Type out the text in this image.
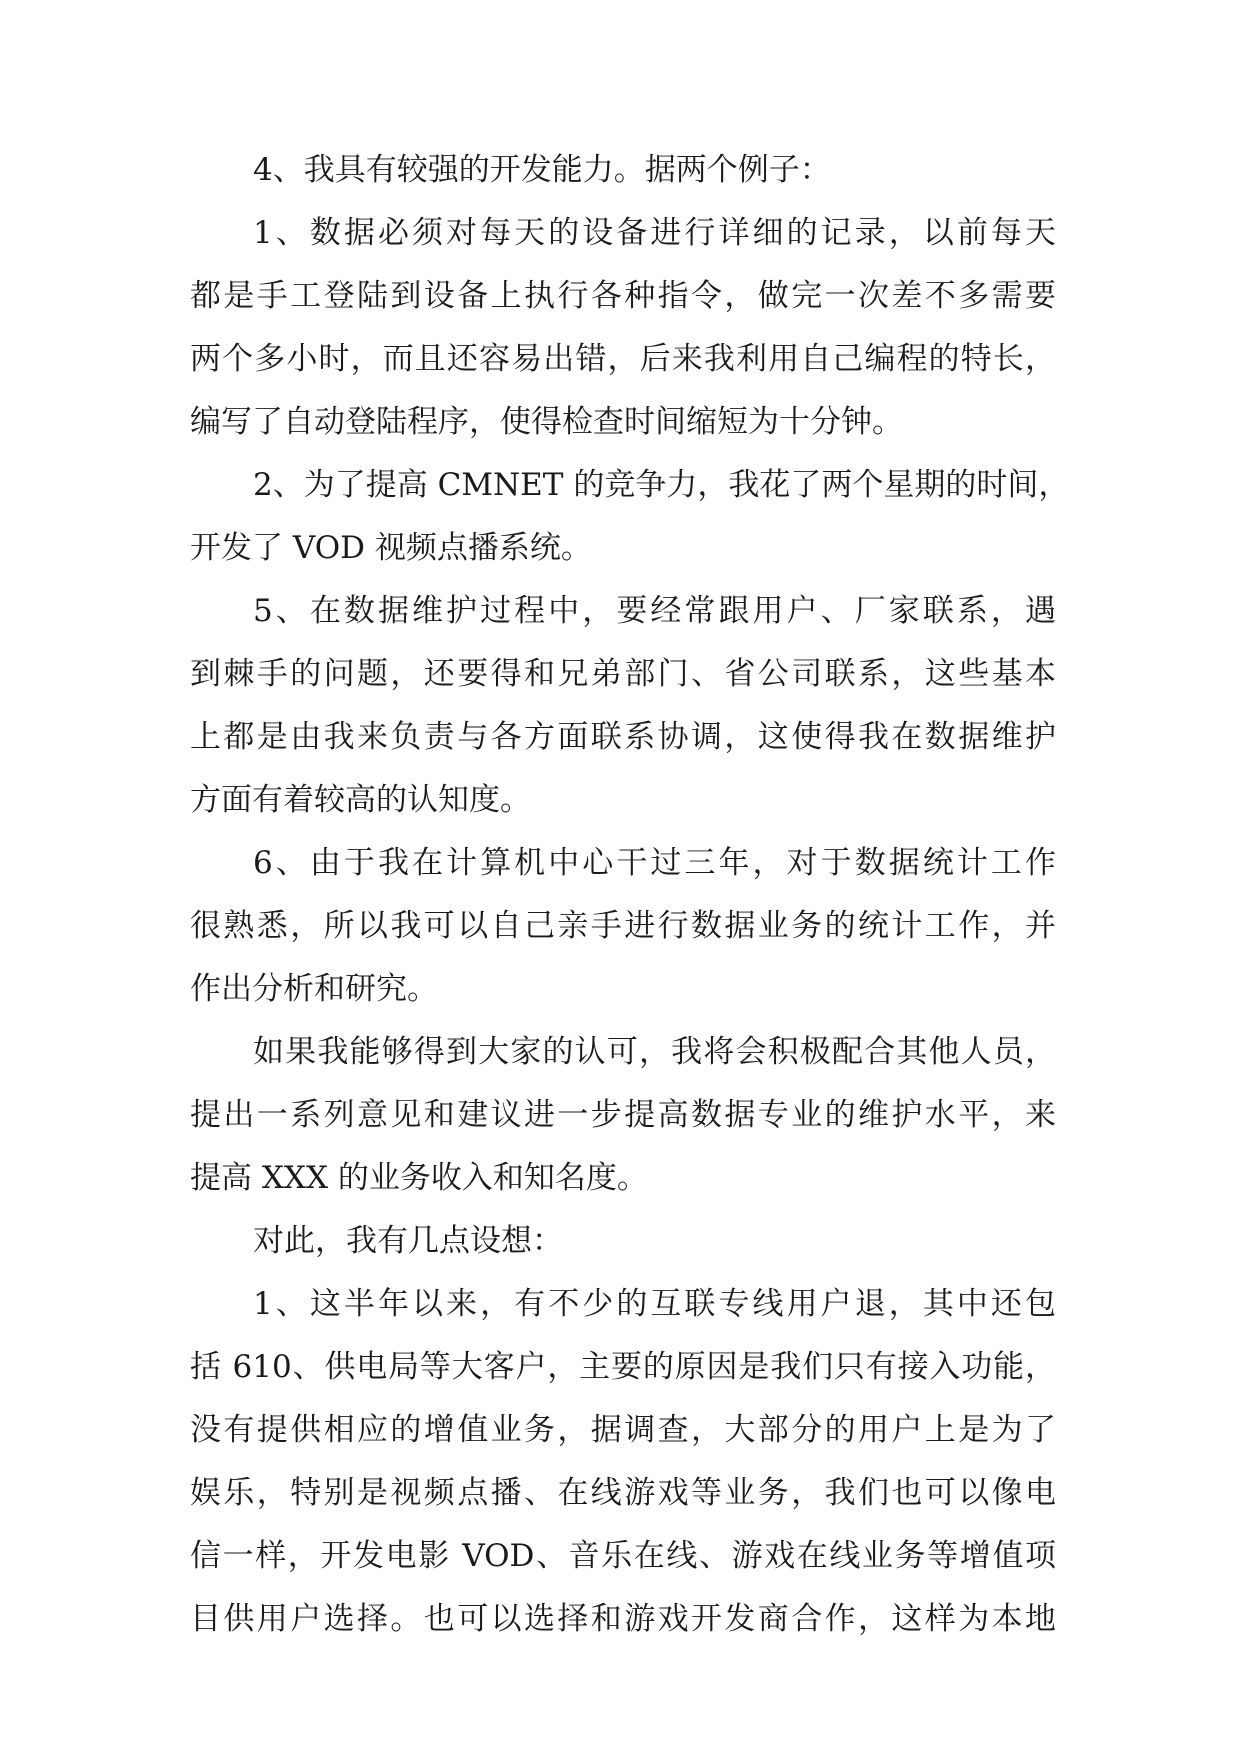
4、我具有较强的开发能力。据两个例子：
1、数据必须对每天的设备进行详细的记录，以前每天
都是手工登陆到设备上执行各种指令，做完一次差不多需要
两个多小时，而且还容易出错，后来我利用自己编程的特长，
编写了自动登陆程序，使得检查时间缩短为十分钟。
2、为了提高 CMNET 的竞争力，我花了两个星期的时间，
开发了 VOD 视频点播系统。
5、在数据维护过程中，要经常跟用户、厂家联系，遇
到棘手的问题，还要得和兄弟部门、省公司联系，这些基本
上都是由我来负责与各方面联系协调，这使得我在数据维护
方面有着较高的认知度。
6、由于我在计算机中心干过三年，对于数据统计工作
很熟悉，所以我可以自己亲手进行数据业务的统计工作，并
作出分析和研究。
如果我能够得到大家的认可，我将会积极配合其他人员，
提出一系列意见和建议进一步提高数据专业的维护水平，来
提高 XXX 的业务收入和知名度。
对此，我有几点设想：
1、这半年以来，有不少的互联专线用户退，其中还包
括 610、供电局等大客户，主要的原因是我们只有接入功能，
没有提供相应的增值业务，据调查，大部分的用户上是为了
娱乐，特别是视频点播、在线游戏等业务，我们也可以像电
信一样，开发电影 VOD、音乐在线、游戏在线业务等增值项
目供用户选择。也可以选择和游戏开发商合作，这样为本地
